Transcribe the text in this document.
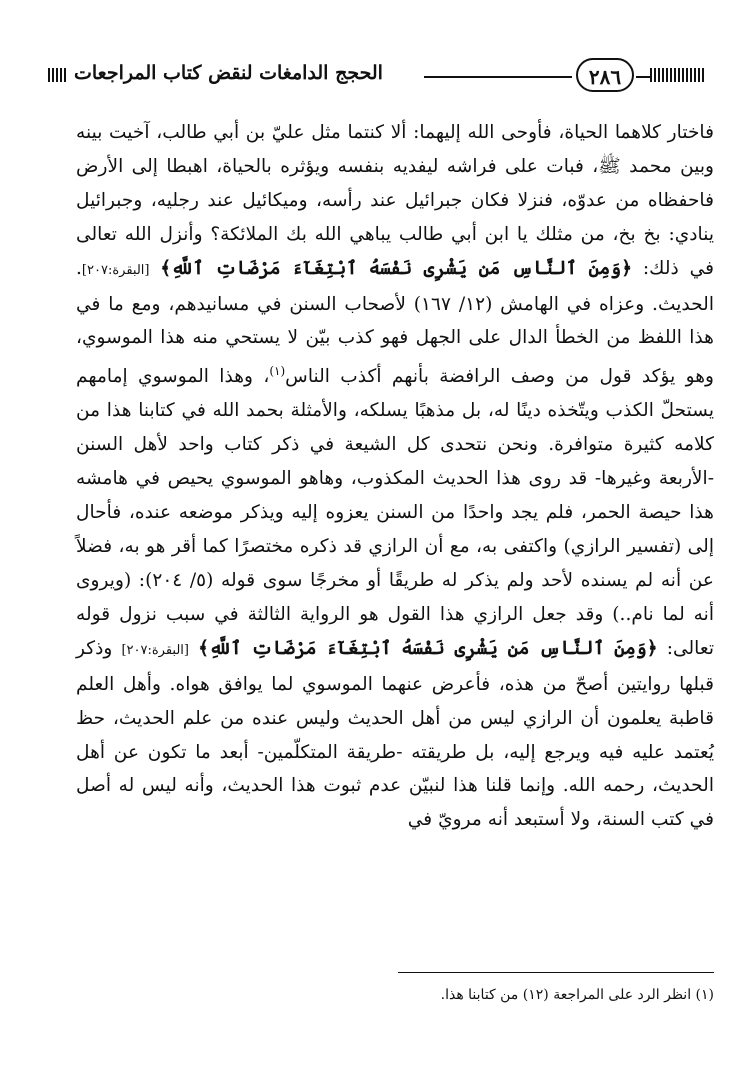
الحجج الدامغات لنقض كتاب المراجعات	٢٨٦

فاختار كلاهما الحياة، فأوحى الله إليهما: ألا كنتما مثل عليّ بن أبي طالب، آخيت بينه وبين محمد ﷺ، فبات على فراشه ليفديه بنفسه ويؤثره بالحياة، اهبطا إلى الأرض فاحفظاه من عدوّه، فنزلا فكان جبرائيل عند رأسه، وميكائيل عند رجليه، وجبرائيل ينادي: بخ بخ، من مثلك يا ابن أبي طالب يباهي الله بك الملائكة؟ وأنزل الله تعالى في ذلك: ﴿وَمِنَ ٱلنَّاسِ مَن يَشْرِى نَفْسَهُ ٱبْتِغَآءَ مَرْضَاتِ ٱللَّهِ﴾ [البقرة:٢٠٧]. الحديث. وعزاه في الهامش (١٢/ ١٦٧) لأصحاب السنن في مسانيدهم، ومع ما في هذا اللفظ من الخطأ الدال على الجهل فهو كذب بيّن لا يستحي منه هذا الموسوي، وهو يؤكد قول من وصف الرافضة بأنهم أكذب الناس$^{(١)}$، وهذا الموسوي إمامهم يستحلّ الكذب ويتّخذه دينًا له، بل مذهبًا يسلكه، والأمثلة بحمد الله في كتابنا هذا من كلامه كثيرة متوافرة. ونحن نتحدى كل الشيعة في ذكر كتاب واحد لأهل السنن -الأربعة وغيرها- قد روى هذا الحديث المكذوب، وهاهو الموسوي يحيص في هامشه هذا حيصة الحمر، فلم يجد واحدًا من السنن يعزوه إليه ويذكر موضعه عنده، فأحال إلى (تفسير الرازي) واكتفى به، مع أن الرازي قد ذكره مختصرًا كما أقر هو به، فضلاً عن أنه لم يسنده لأحد ولم يذكر له طريقًا أو مخرجًا سوى قوله (٥/ ٢٠٤): (ويروى أنه لما نام..) وقد جعل الرازي هذا القول هو الرواية الثالثة في سبب نزول قوله تعالى: ﴿وَمِنَ ٱلنَّاسِ مَن يَشْرِى نَفْسَهُ ٱبْتِغَآءَ مَرْضَاتِ ٱللَّهِ﴾ [البقرة:٢٠٧] وذكر قبلها روايتين أصحّ من هذه، فأعرض عنهما الموسوي لما يوافق هواه. وأهل العلم قاطبة يعلمون أن الرازي ليس من أهل الحديث وليس عنده من علم الحديث، حظ يُعتمد عليه فيه ويرجع إليه، بل طريقته -طريقة المتكلّمين- أبعد ما تكون عن أهل الحديث، رحمه الله. وإنما قلنا هذا لنبيّن عدم ثبوت هذا الحديث، وأنه ليس له أصل في كتب السنة، ولا أستبعد أنه مرويّ في

(١) انظر الرد على المراجعة (١٢) من كتابنا هذا.
